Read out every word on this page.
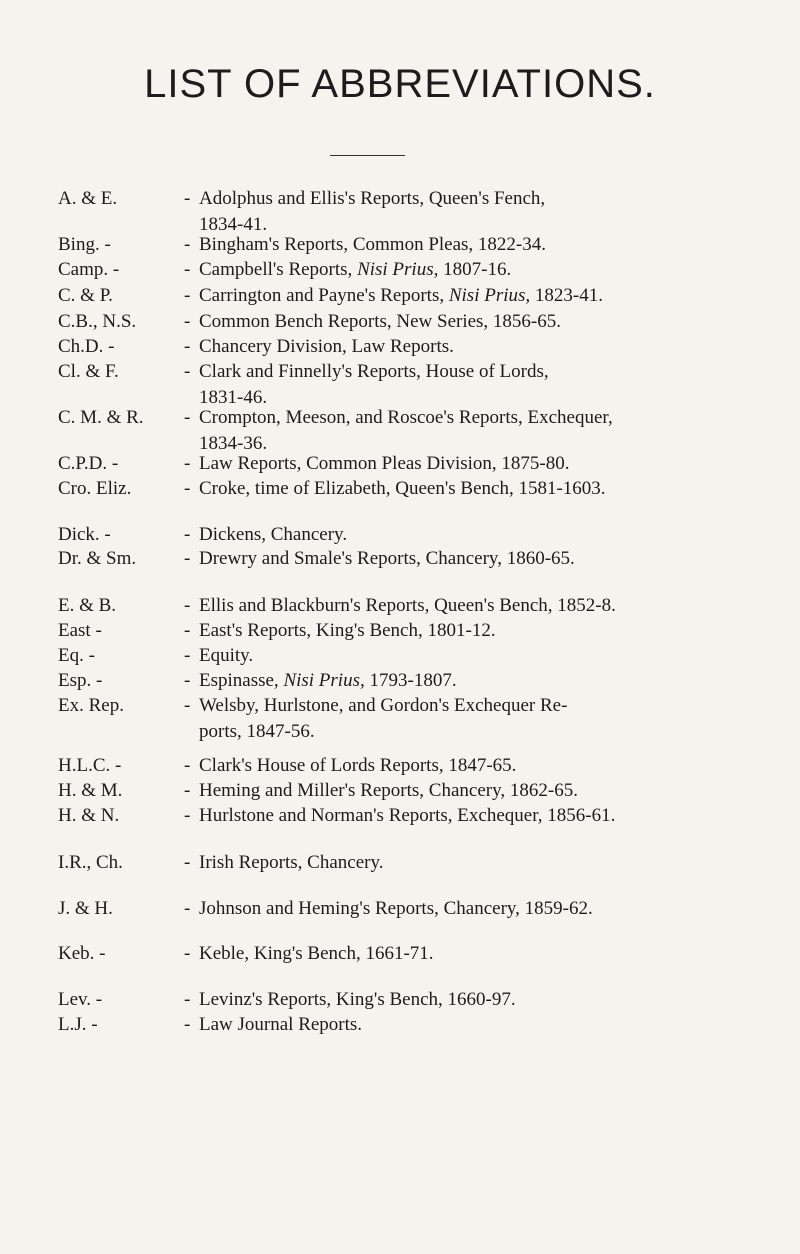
LIST OF ABBREVIATIONS.
A. & E.	- Adolphus and Ellis's Reports, Queen's Fench,
1834-41.
Bing. -	- Bingham's Reports, Common Pleas, 1822-34.
Camp. -	- Campbell's Reports, Nisi Prius, 1807-16.
C. & P.	- Carrington and Payne's Reports, Nisi Prius, 1823-41.
C.B., N.S.	- Common Bench Reports, New Series, 1856-65.
Ch.D. -	- Chancery Division, Law Reports.
Cl. & F.	- Clark and Finnelly's Reports, House of Lords,
1831-46.
C. M. & R.	- Crompton, Meeson, and Roscoe's Reports, Exchequer,
1834-36.
C.P.D. -	- Law Reports, Common Pleas Division, 1875-80.
Cro. Eliz.	- Croke, time of Elizabeth, Queen's Bench, 1581-1603.
Dick. -	- Dickens, Chancery.
Dr. & Sm.	- Drewry and Smale's Reports, Chancery, 1860-65.
E. & B.	- Ellis and Blackburn's Reports, Queen's Bench, 1852-8.
East -	- East's Reports, King's Bench, 1801-12.
Eq. -	- Equity.
Esp. -	- Espinasse, Nisi Prius, 1793-1807.
Ex. Rep.	- Welsby, Hurlstone, and Gordon's Exchequer Re-
ports, 1847-56.
H.L.C. -	- Clark's House of Lords Reports, 1847-65.
H. & M.	- Heming and Miller's Reports, Chancery, 1862-65.
H. & N.	- Hurlstone and Norman's Reports, Exchequer, 1856-61.
I.R., Ch.	- Irish Reports, Chancery.
J. & H.	- Johnson and Heming's Reports, Chancery, 1859-62.
Keb. -	- Keble, King's Bench, 1661-71.
Lev. -	- Levinz's Reports, King's Bench, 1660-97.
L.J. -	- Law Journal Reports.
